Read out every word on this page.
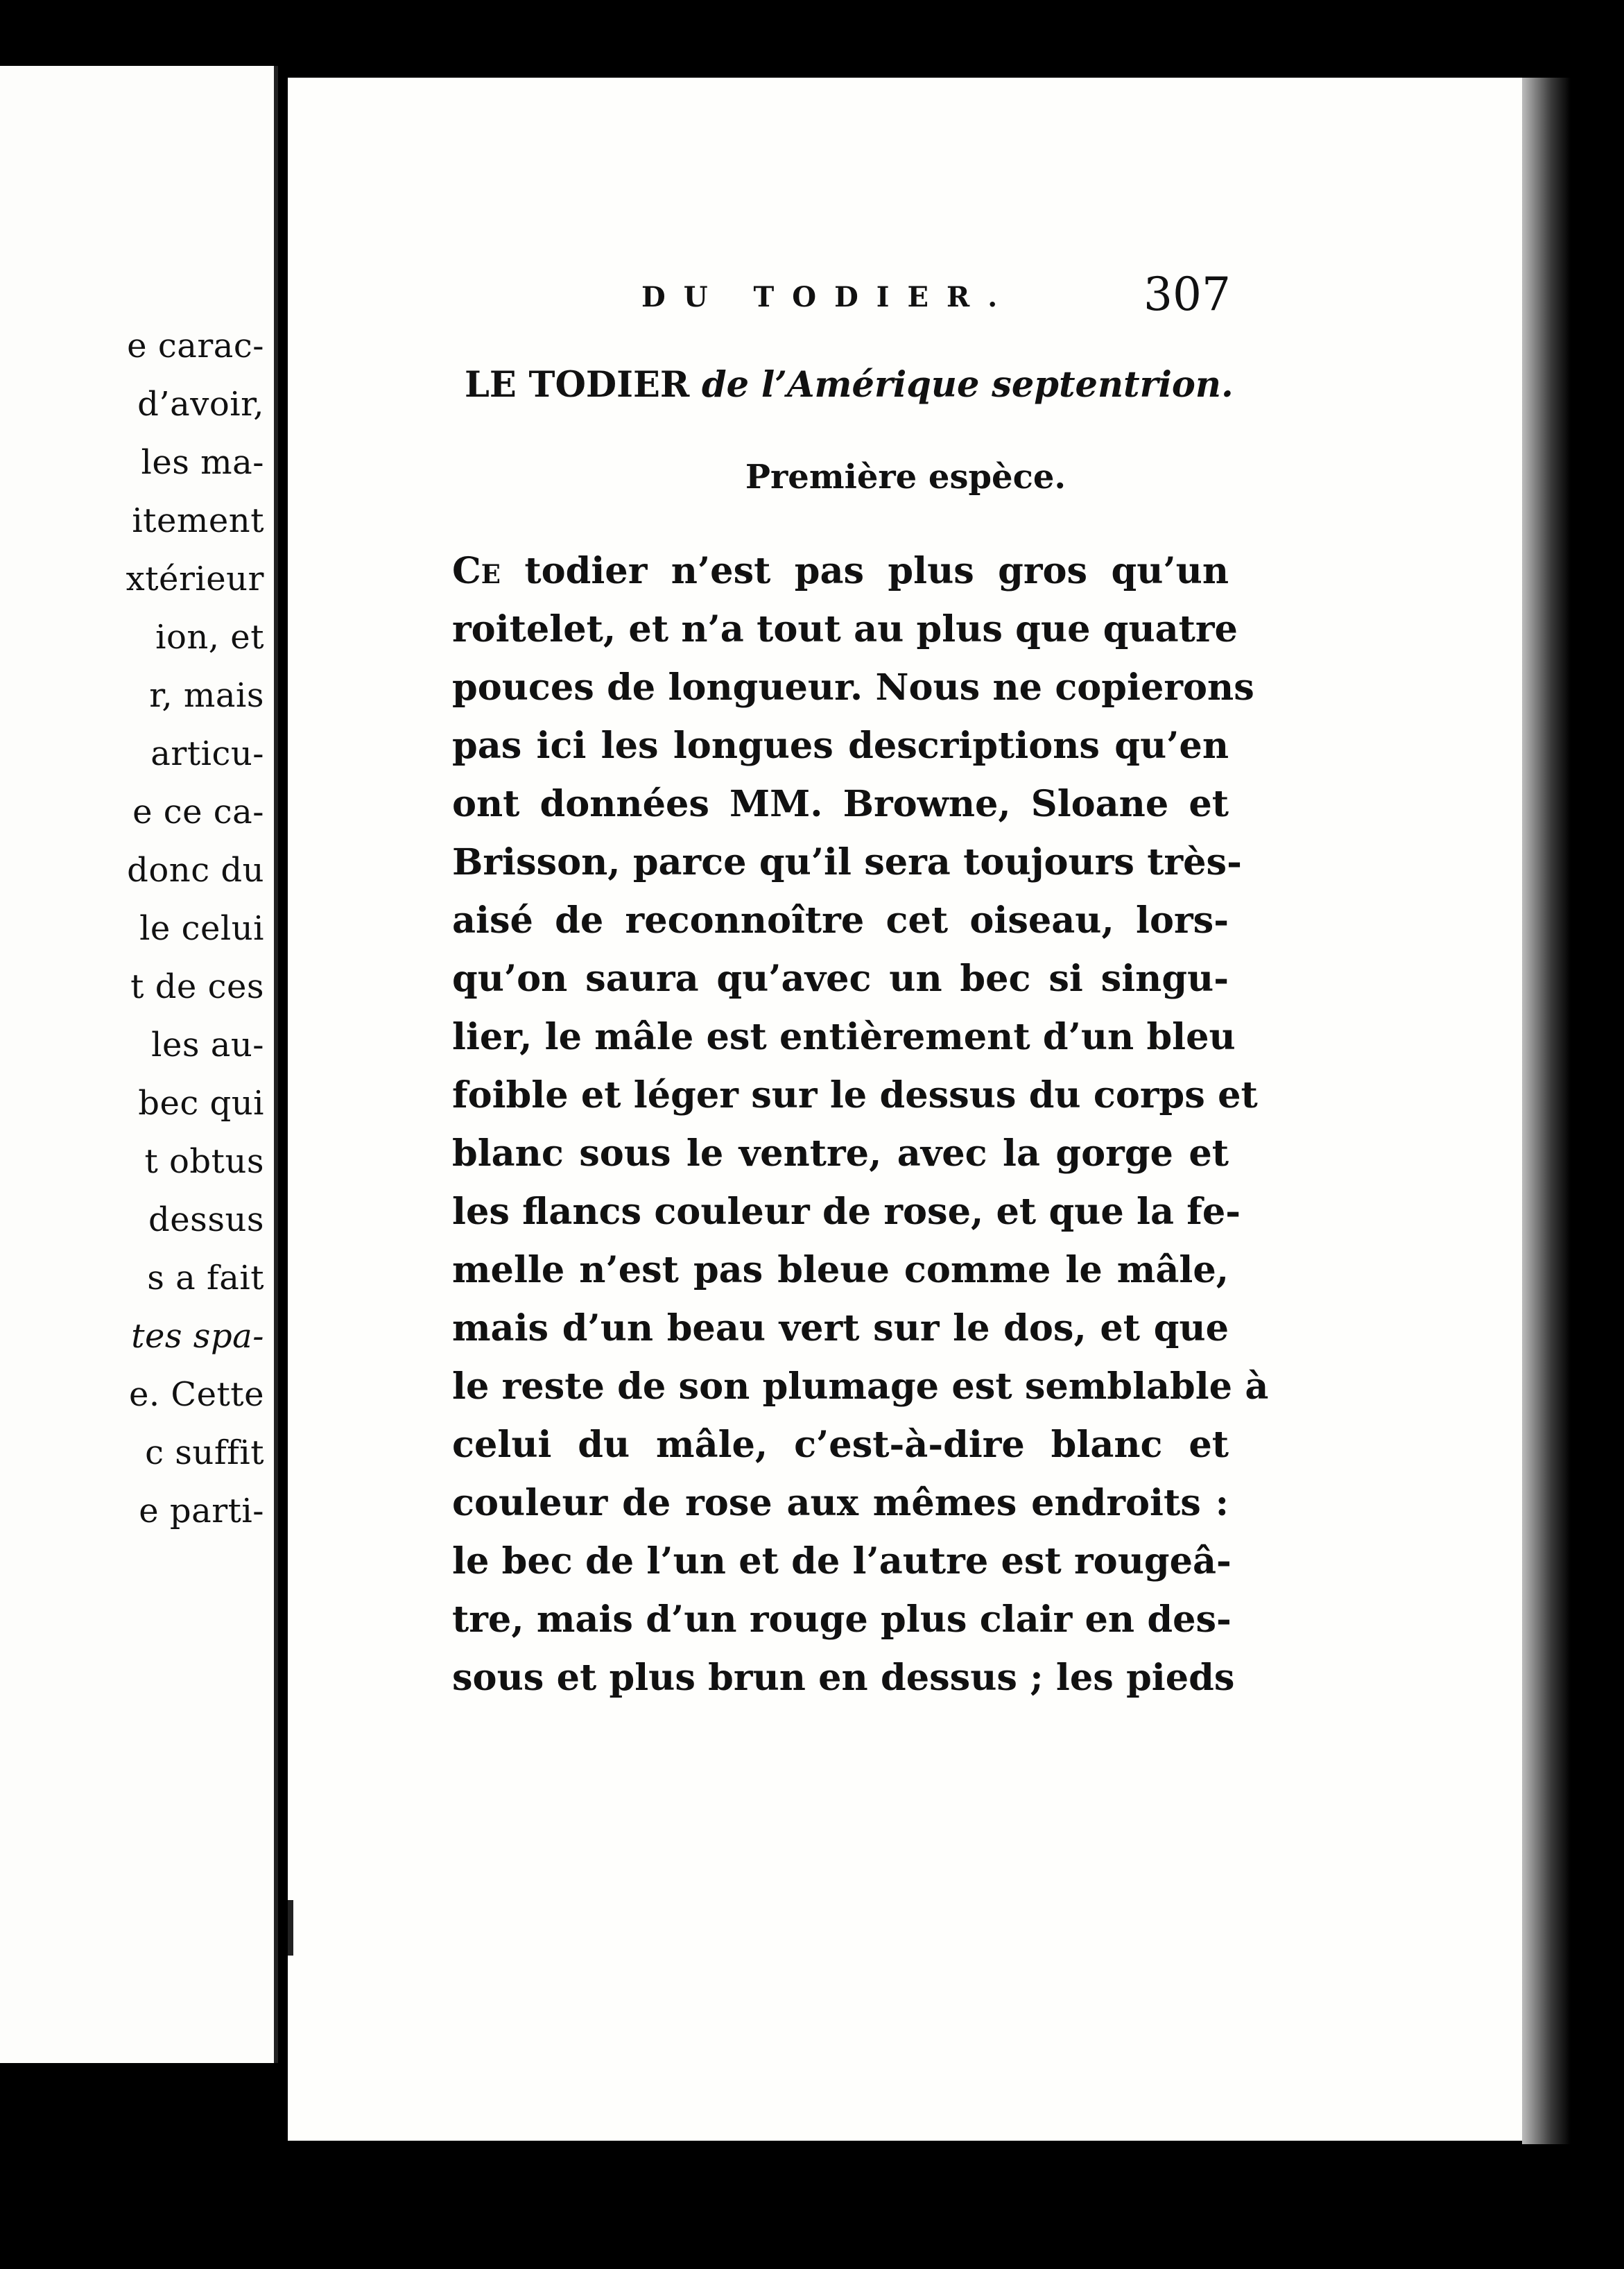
e carac-
d’avoir,
les ma-
itement
xtérieur
ion, et
r, mais
articu-
e ce ca-
donc du
le celui
t de ces
les au-
bec qui
t obtus
dessus
s a fait
tes spa-
e. Cette
c suffit
e parti-
DU TODIER.	307
LE TODIER de l’Amérique septentrion.
Première espèce.
Ce todier n’est pas plus gros qu’un
roitelet, et n’a tout au plus que quatre
pouces de longueur. Nous ne copierons
pas ici les longues descriptions qu’en
ont données MM. Browne, Sloane et
Brisson, parce qu’il sera toujours très-
aisé de reconnoître cet oiseau, lors-
qu’on saura qu’avec un bec si singu-
lier, le mâle est entièrement d’un bleu
foible et léger sur le dessus du corps et
blanc sous le ventre, avec la gorge et
les flancs couleur de rose, et que la fe-
melle n’est pas bleue comme le mâle,
mais d’un beau vert sur le dos, et que
le reste de son plumage est semblable à
celui du mâle, c’est-à-dire blanc et
couleur de rose aux mêmes endroits :
le bec de l’un et de l’autre est rougeâ-
tre, mais d’un rouge plus clair en des-
sous et plus brun en dessus ; les pieds
